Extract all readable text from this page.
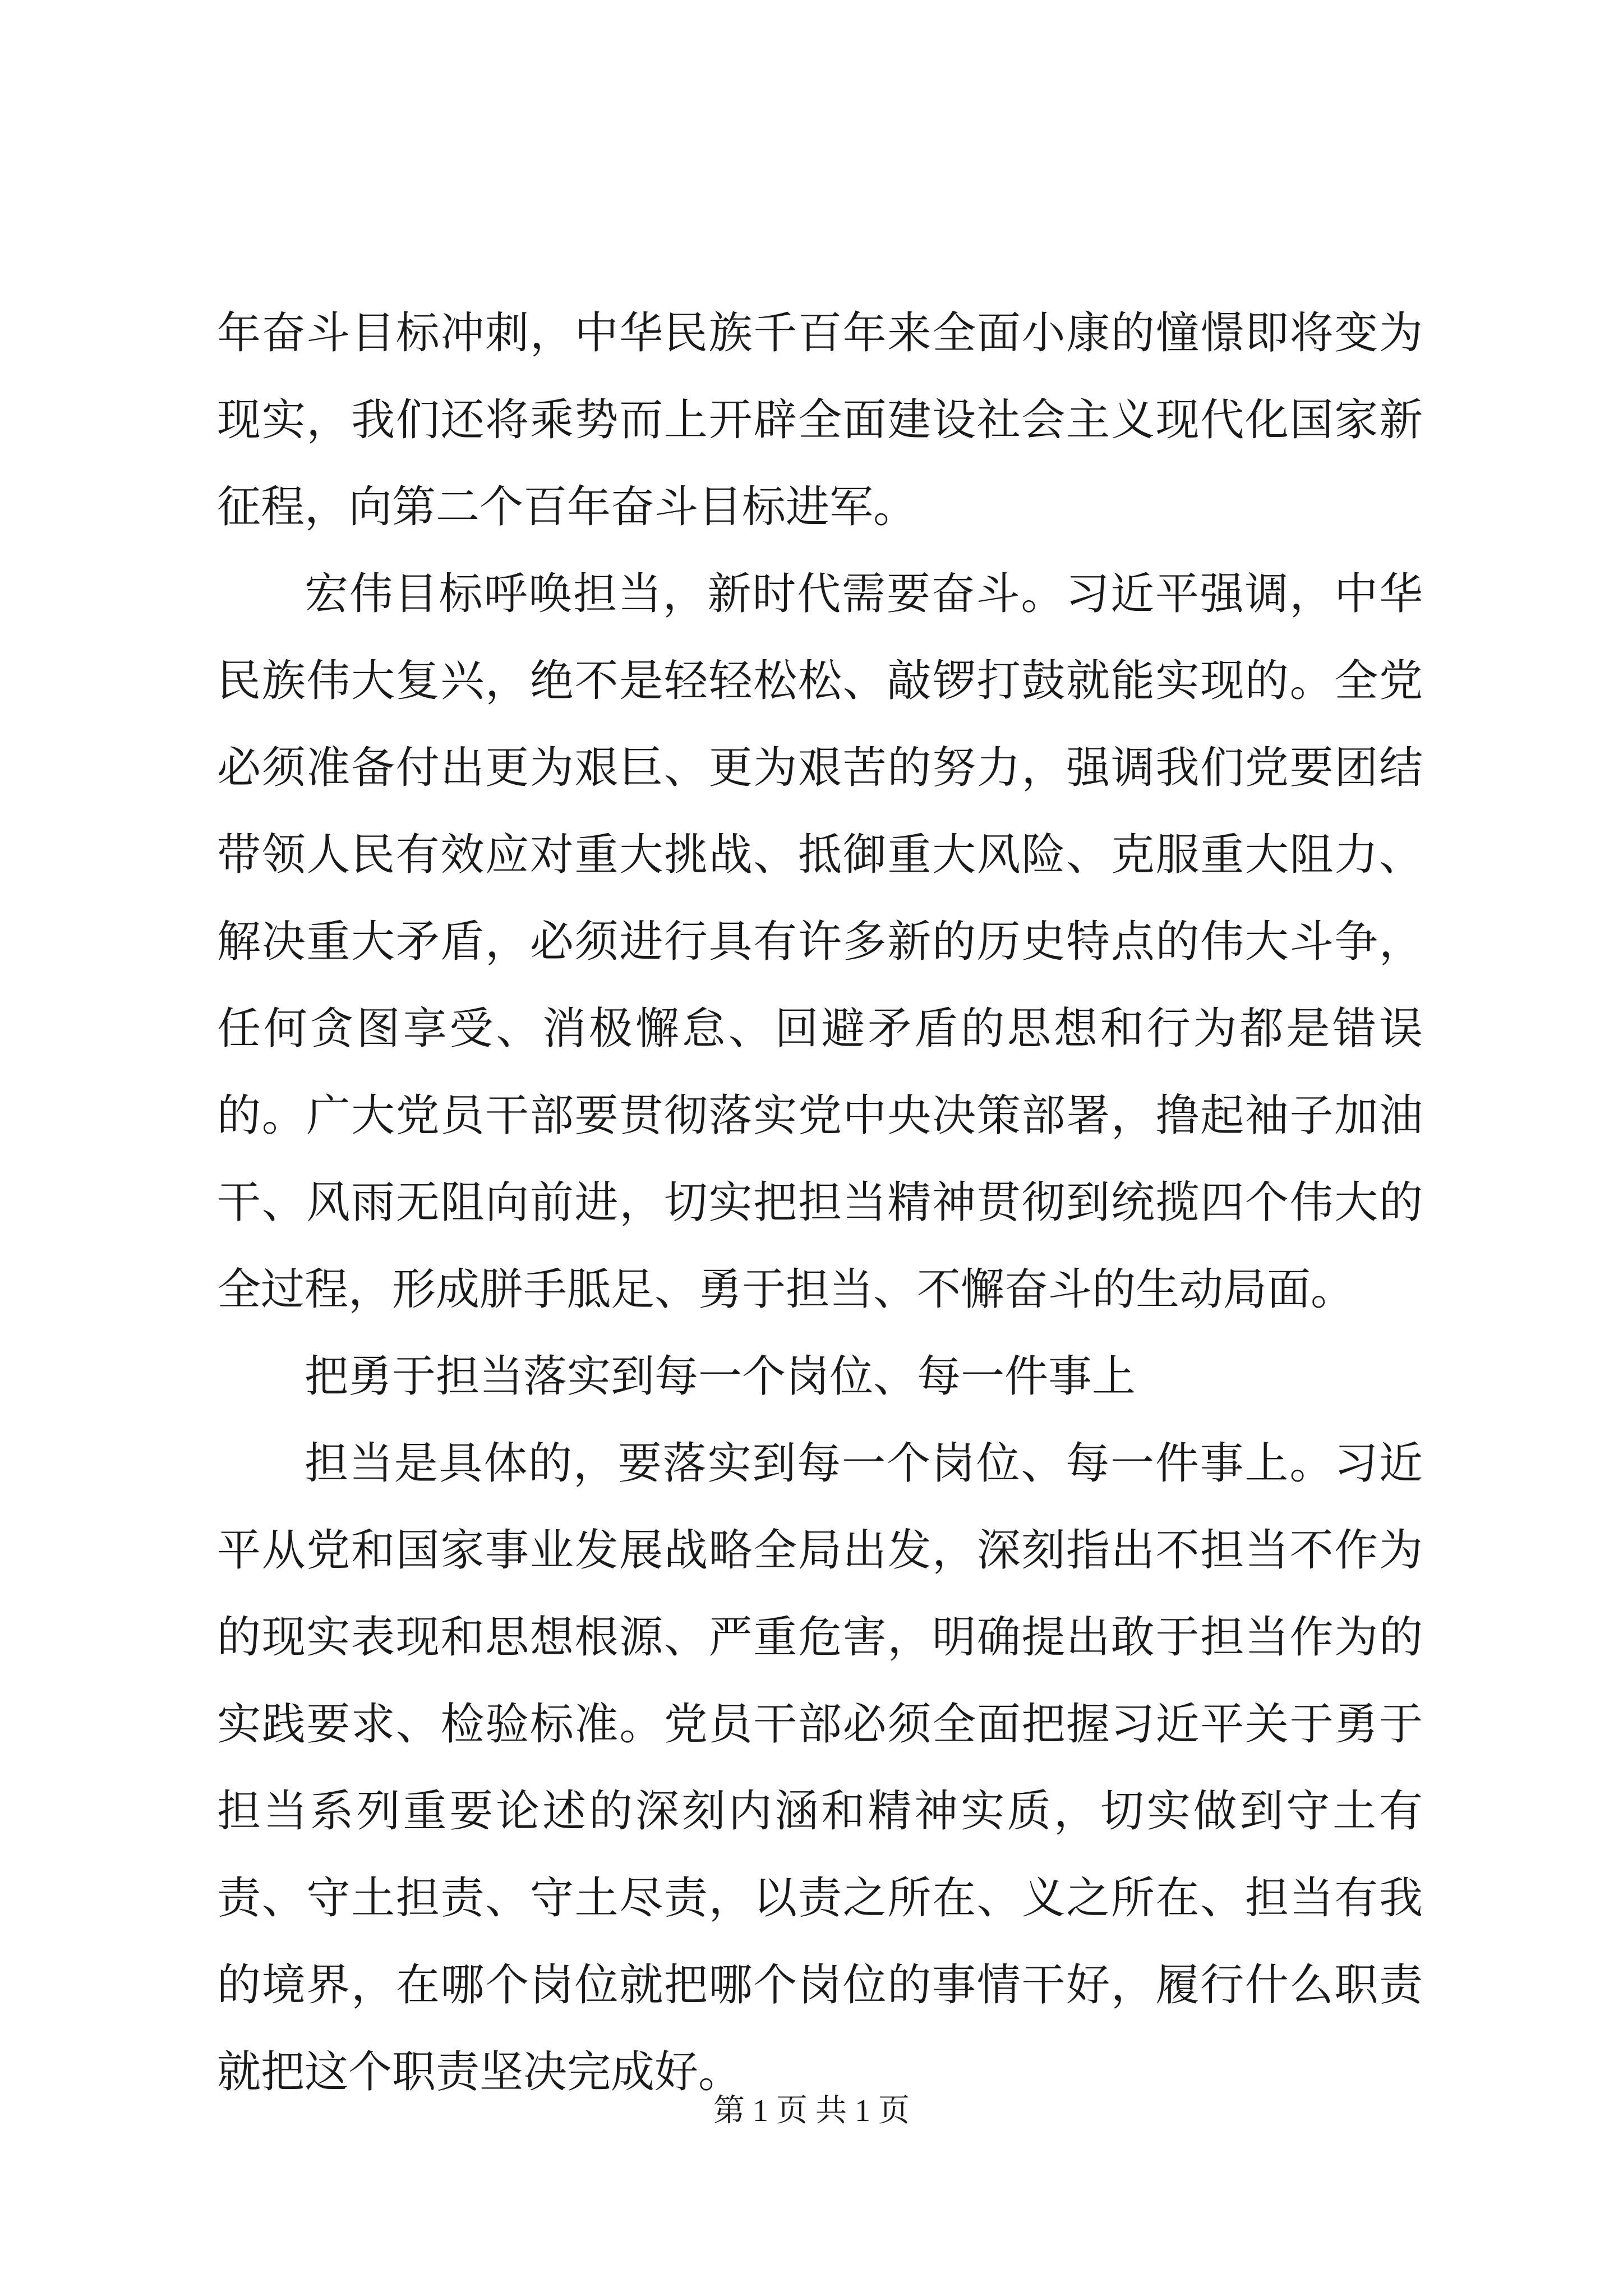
年奋斗目标冲刺，中华民族千百年来全面小康的憧憬即将变为现实，我们还将乘势而上开辟全面建设社会主义现代化国家新征程，向第二个百年奋斗目标进军。

宏伟目标呼唤担当，新时代需要奋斗。习近平强调，中华民族伟大复兴，绝不是轻轻松松、敲锣打鼓就能实现的。全党必须准备付出更为艰巨、更为艰苦的努力，强调我们党要团结带领人民有效应对重大挑战、抵御重大风险、克服重大阻力、解决重大矛盾，必须进行具有许多新的历史特点的伟大斗争，任何贪图享受、消极懈怠、回避矛盾的思想和行为都是错误的。广大党员干部要贯彻落实党中央决策部署，撸起袖子加油干、风雨无阻向前进，切实把担当精神贯彻到统揽四个伟大的全过程，形成胼手胝足、勇于担当、不懈奋斗的生动局面。

把勇于担当落实到每一个岗位、每一件事上

担当是具体的，要落实到每一个岗位、每一件事上。习近平从党和国家事业发展战略全局出发，深刻指出不担当不作为的现实表现和思想根源、严重危害，明确提出敢于担当作为的实践要求、检验标准。党员干部必须全面把握习近平关于勇于担当系列重要论述的深刻内涵和精神实质，切实做到守土有责、守土担责、守土尽责，以责之所在、义之所在、担当有我的境界，在哪个岗位就把哪个岗位的事情干好，履行什么职责就把这个职责坚决完成好。

第 1 页 共 1 页
